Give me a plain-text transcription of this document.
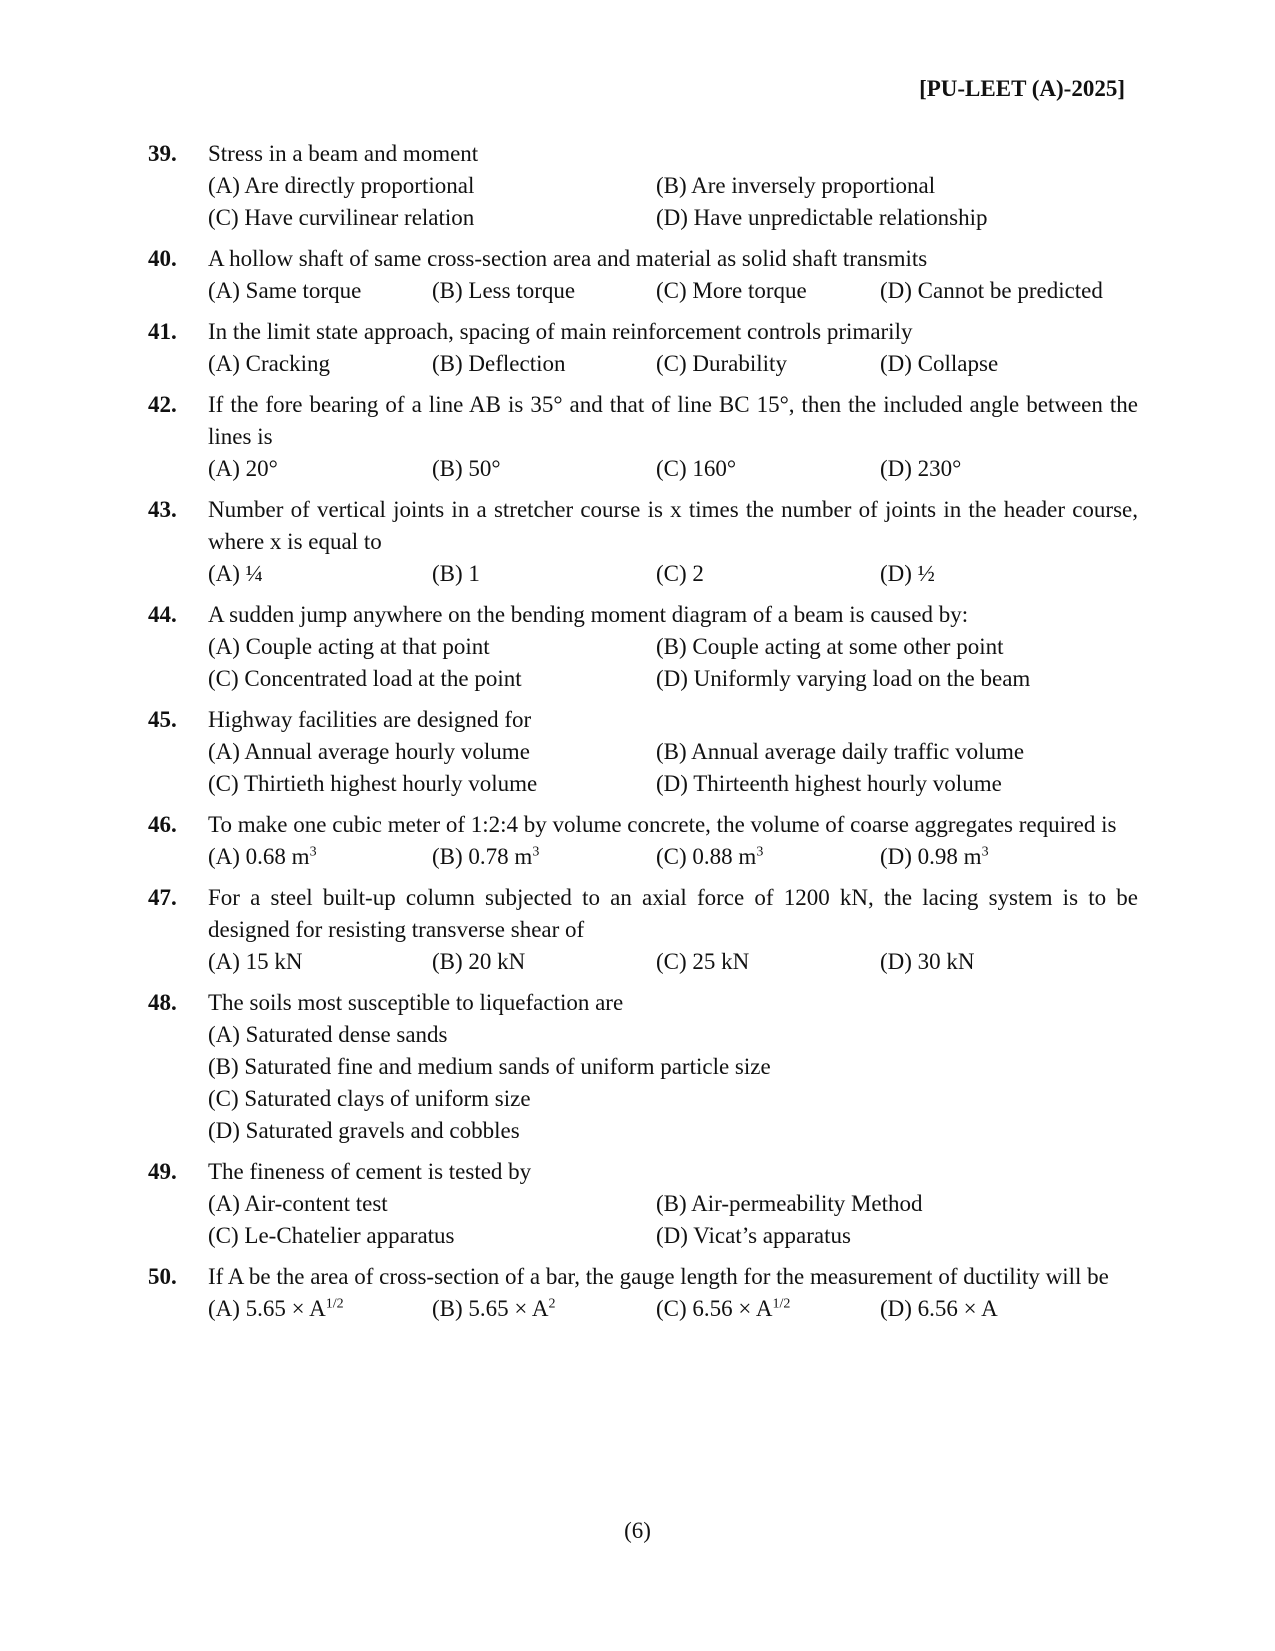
[PU-LEET (A)-2025]
39. Stress in a beam and moment
(A) Are directly proportional	(B) Are inversely proportional
(C) Have curvilinear relation	(D) Have unpredictable relationship
40. A hollow shaft of same cross-section area and material as solid shaft transmits
(A) Same torque	(B) Less torque	(C) More torque	(D) Cannot be predicted
41. In the limit state approach, spacing of main reinforcement controls primarily
(A) Cracking	(B) Deflection	(C) Durability	(D) Collapse
42. If the fore bearing of a line AB is 35° and that of line BC 15°, then the included angle between the lines is
(A) 20°	(B) 50°	(C) 160°	(D) 230°
43. Number of vertical joints in a stretcher course is x times the number of joints in the header course, where x is equal to
(A) ¼	(B) 1	(C) 2	(D) ½
44. A sudden jump anywhere on the bending moment diagram of a beam is caused by:
(A) Couple acting at that point	(B) Couple acting at some other point
(C) Concentrated load at the point	(D) Uniformly varying load on the beam
45. Highway facilities are designed for
(A) Annual average hourly volume	(B) Annual average daily traffic volume
(C) Thirtieth highest hourly volume	(D) Thirteenth highest hourly volume
46. To make one cubic meter of 1:2:4 by volume concrete, the volume of coarse aggregates required is
(A) 0.68 $m^3$	(B) 0.78 $m^3$	(C) 0.88 $m^3$	(D) 0.98 $m^3$
47. For a steel built-up column subjected to an axial force of 1200 kN, the lacing system is to be designed for resisting transverse shear of
(A) 15 kN	(B) 20 kN	(C) 25 kN	(D) 30 kN
48. The soils most susceptible to liquefaction are
(A) Saturated dense sands
(B) Saturated fine and medium sands of uniform particle size
(C) Saturated clays of uniform size
(D) Saturated gravels and cobbles
49. The fineness of cement is tested by
(A) Air-content test	(B) Air-permeability Method
(C) Le-Chatelier apparatus	(D) Vicat’s apparatus
50. If A be the area of cross-section of a bar, the gauge length for the measurement of ductility will be
(A) $5.65 \times A^{1/2}$	(B) $5.65 \times A^2$	(C) $6.56 \times A^{1/2}$	(D) 6.56 × A
(6)
